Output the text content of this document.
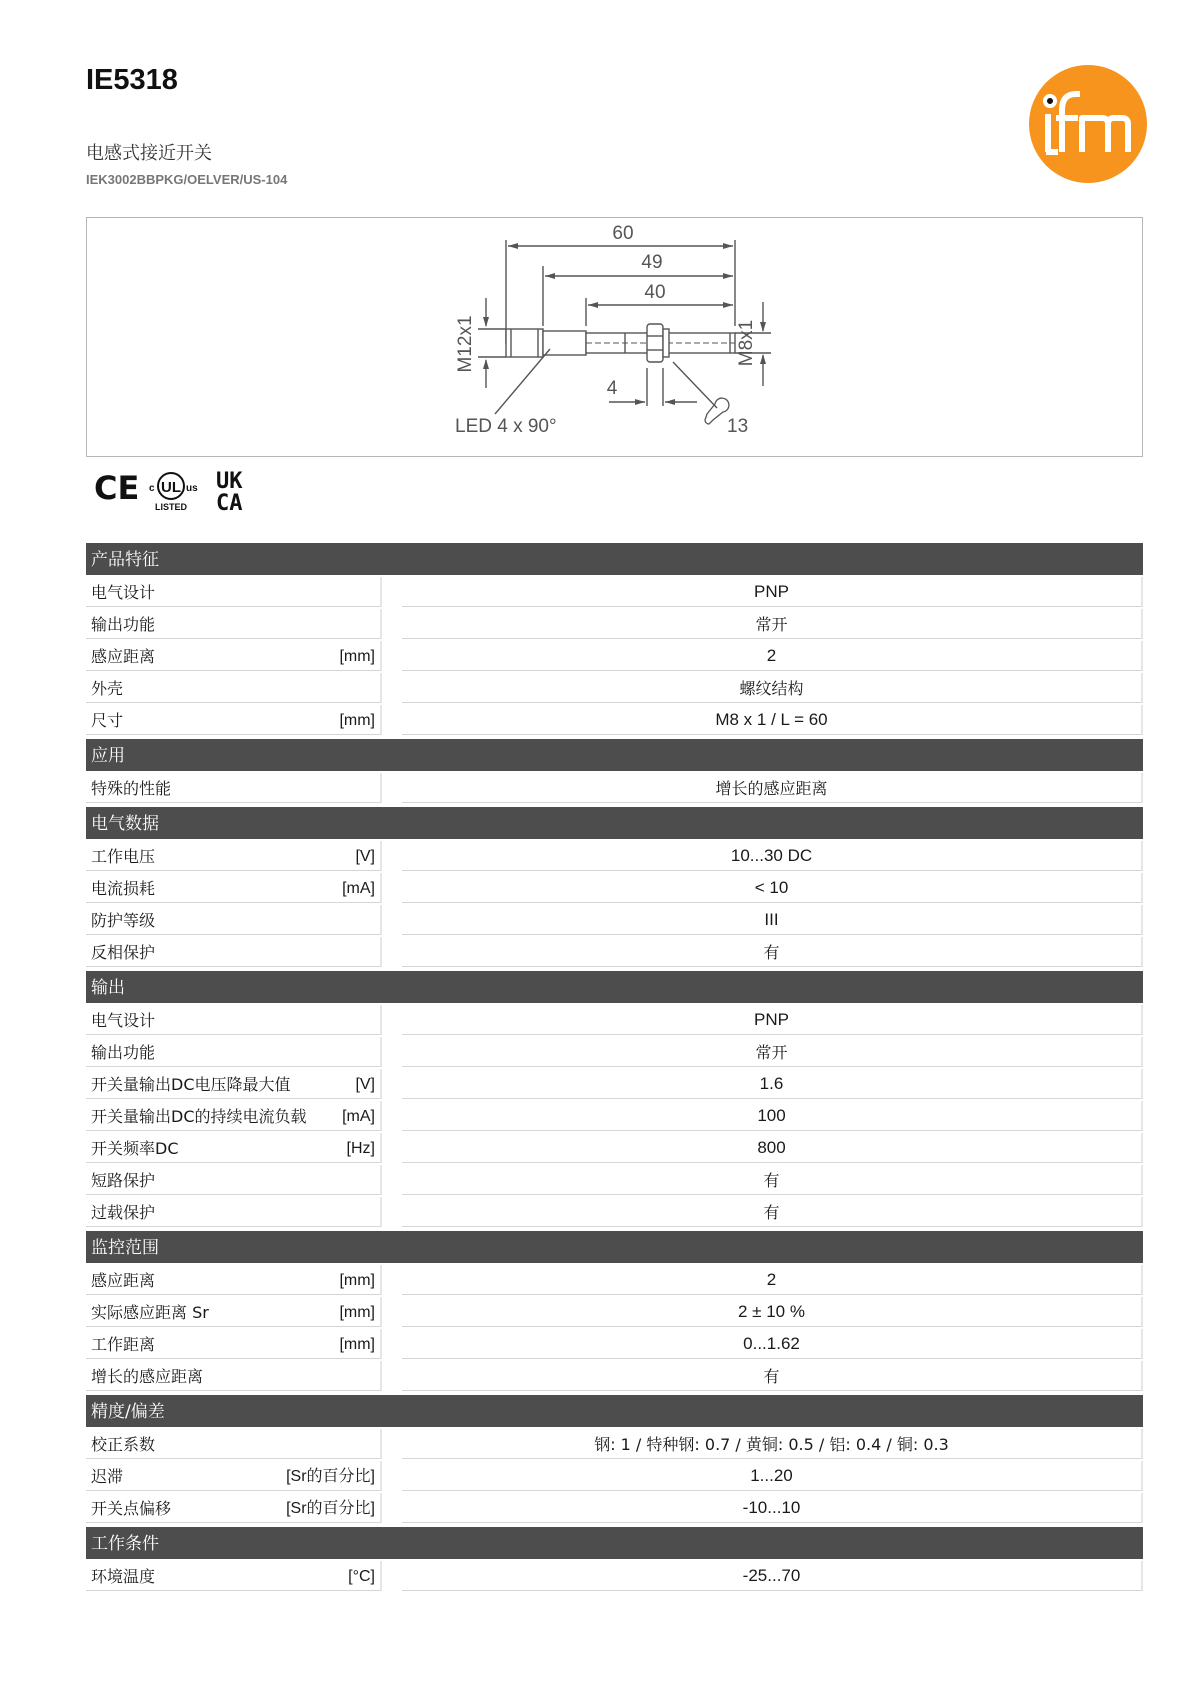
IE5318
电感式接近开关
IEK3002BBPKG/OELVER/US-104	ifm
60
49
40
4
M12x1	M8x1
LED 4 x 90°	13
CE UL
c	us
LISTED
UK
CA
产品特征
电气设计	PNP
输出功能	常开
感应距离	[mm]	2
外壳	螺纹结构
尺寸	[mm]	M8 x 1 / L = 60
应用
特殊的性能	增长的感应距离
电气数据
工作电压	[V]	10...30 DC
电流损耗	[mA]	< 10
防护等级	III
反相保护	有
输出
电气设计	PNP
输出功能	常开
开关量输出DC电压降最大值	[V]	1.6
开关量输出DC的持续电流负载	[mA]	100
开关频率DC	[Hz]	800
短路保护	有
过载保护	有
监控范围
感应距离	[mm]	2
实际感应距离 Sr	[mm]	2 ± 10 %
工作距离	[mm]	0...1.62
增长的感应距离	有
精度/偏差
校正系数	钢: 1 / 特种钢: 0.7 / 黄铜: 0.5 / 铝: 0.4 / 铜: 0.3
迟滞	[Sr的百分比]	1...20
开关点偏移	[Sr的百分比]	-10...10
工作条件
环境温度	[°C]	-25...70
